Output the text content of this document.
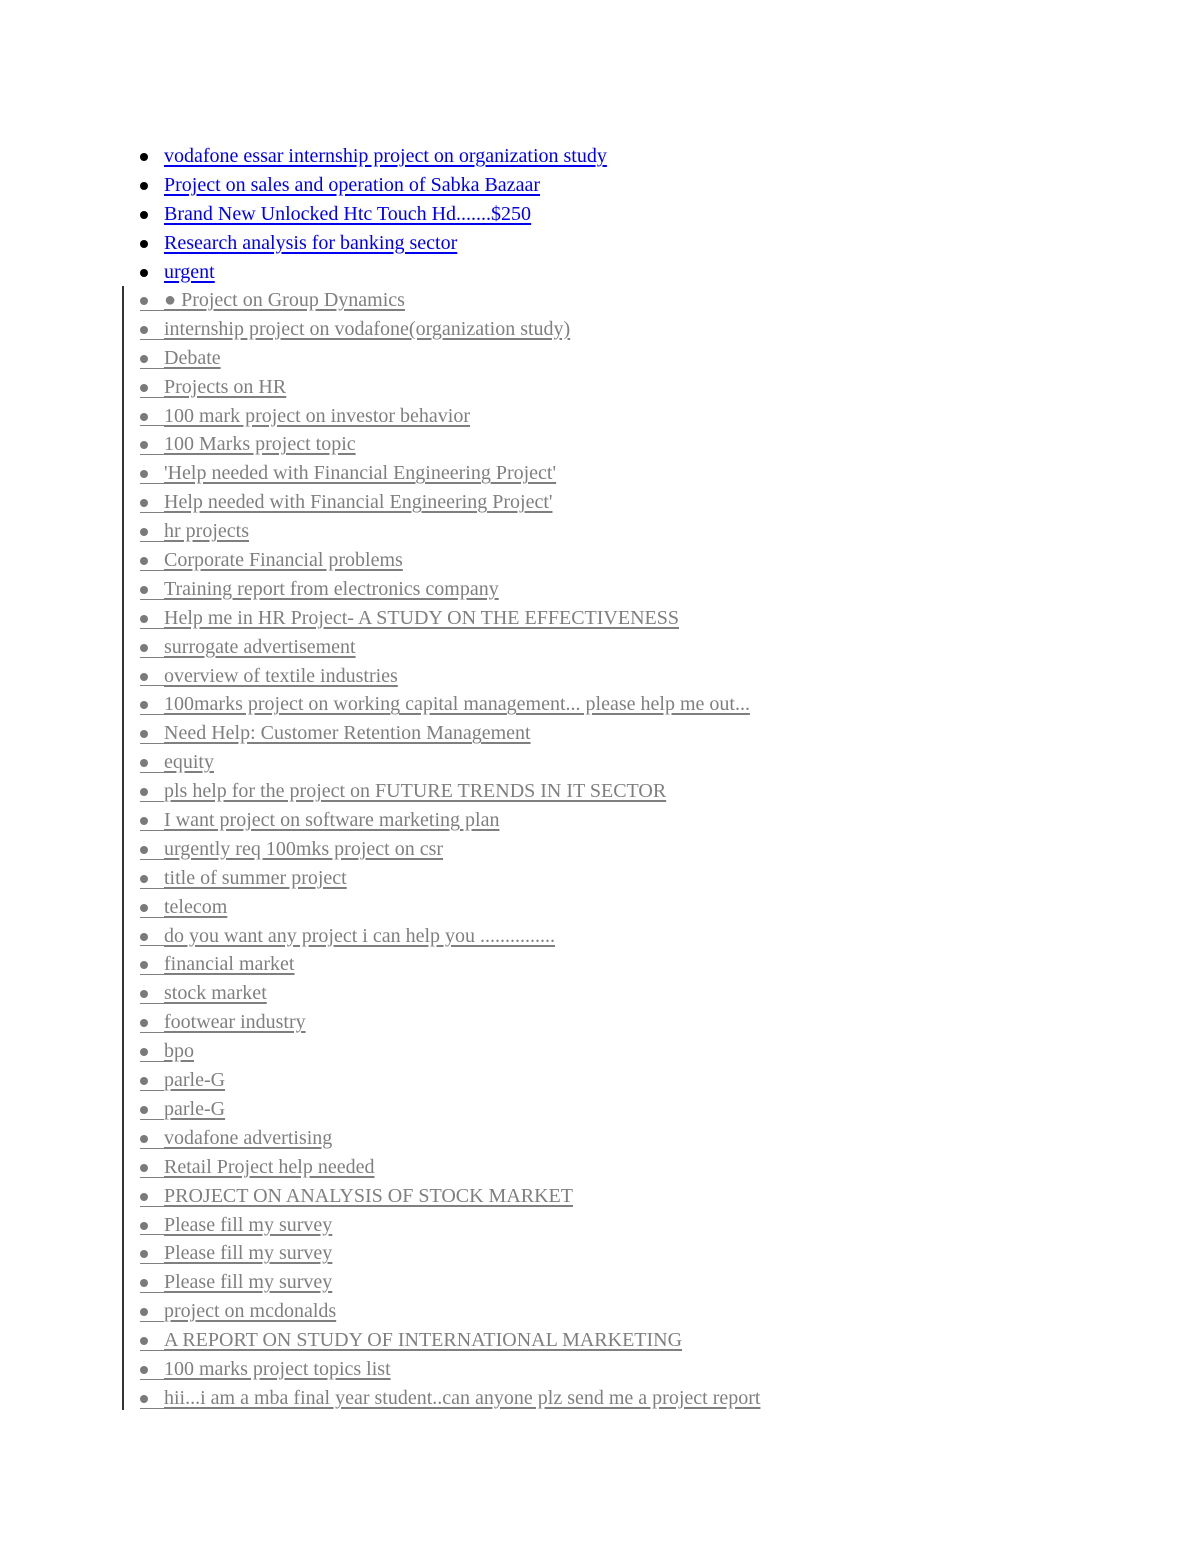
vodafone essar internship project on organization study
Project on sales and operation of Sabka Bazaar
Brand New Unlocked Htc Touch Hd.......$250
Research analysis for banking sector
urgent
● Project on Group Dynamics
internship project on vodafone(organization study)
Debate
Projects on HR
100 mark project on investor behavior
100 Marks project topic
'Help needed with Financial Engineering Project'
Help needed with Financial Engineering Project'
hr projects
Corporate Financial problems
Training report from electronics company
Help me in HR Project- A STUDY ON THE EFFECTIVENESS
surrogate advertisement
overview of textile industries
100marks project on working capital management... please help me out...
Need Help: Customer Retention Management
equity
pls help for the project on FUTURE TRENDS IN IT SECTOR
I want project on software marketing plan
urgently req 100mks project on csr
title of summer project
telecom
do you want any project i can help you ...............
financial market
stock market
footwear industry
bpo
parle-G
parle-G
vodafone advertising
Retail Project help needed
PROJECT ON ANALYSIS OF STOCK MARKET
Please fill my survey
Please fill my survey
Please fill my survey
project on mcdonalds
A REPORT ON STUDY OF INTERNATIONAL MARKETING
100 marks project topics list
hii...i am a mba final year student..can anyone plz send me a project report
